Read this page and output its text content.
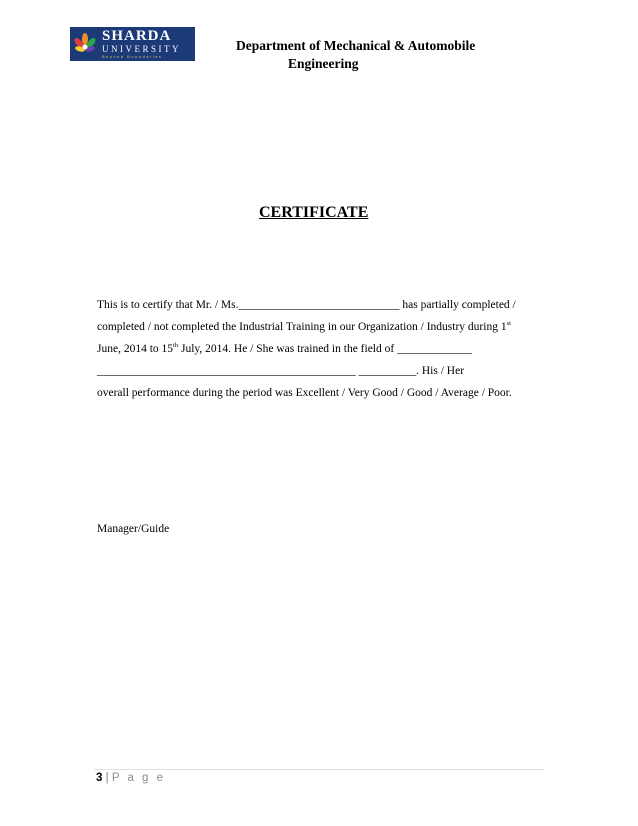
SHARDA
UNIVERSITY
Beyond Boundaries
Department of Mechanical & Automobile
Engineering
CERTIFICATE
This is to certify that Mr. / Ms.____________________________ has partially completed /
completed / not completed the Industrial Training in our Organization / Industry during 1st
June, 2014 to 15th July, 2014. He / She was trained in the field of _____________
_____________________________________________ __________. His / Her
overall performance during the period was Excellent / Very Good / Good / Average / Poor.
Manager/Guide
3 | P a g e
